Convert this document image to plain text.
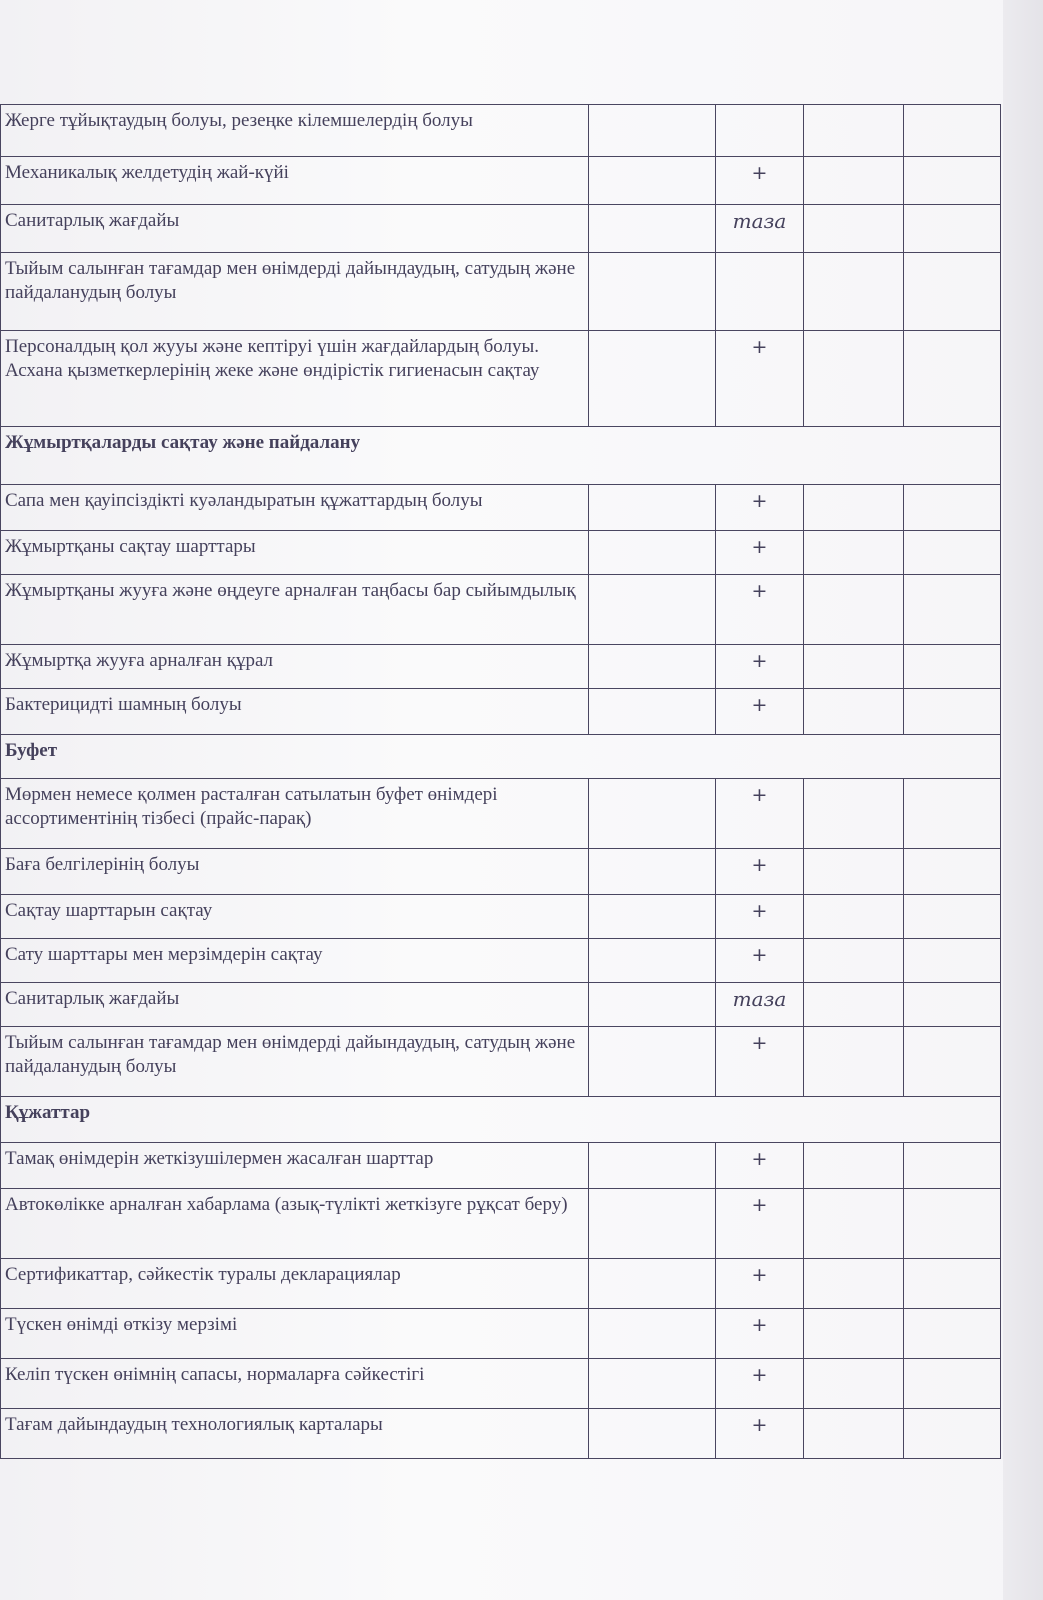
Жерге тұйықтаудың болуы, резеңке кілемшелердің болуы				
Механикалық желдетудің жай-күйі		+		
Санитарлық жағдайы		таза		
Тыйым салынған тағамдар мен өнімдерді дайындаудың, сатудың және пайдаланудың болуы				
Персоналдың қол жууы және кептіруі үшін жағдайлардың болуы. Асхана қызметкерлерінің жеке және өндірістік гигиенасын сақтау		+		
Жұмыртқаларды сақтау және пайдалану				
Сапа мен қауіпсіздікті куәландыратын құжаттардың болуы		+		
Жұмыртқаны сақтау шарттары		+		
Жұмыртқаны жууға және өңдеуге арналған таңбасы бар сыйымдылық		+		
Жұмыртқа жууға арналған құрал		+		
Бактерицидті шамның болуы		+		
Буфет				
Мөрмен немесе қолмен расталған сатылатын буфет өнімдері ассортиментінің тізбесі (прайс-парақ)		+		
Баға белгілерінің болуы		+		
Сақтау шарттарын сақтау		+		
Сату шарттары мен мерзімдерін сақтау		+		
Санитарлық жағдайы		таза		
Тыйым салынған тағамдар мен өнімдерді дайындаудың, сатудың және пайдаланудың болуы		+		
Құжаттар				
Тамақ өнімдерін жеткізушілермен жасалған шарттар		+		
Автокөлікке арналған хабарлама (азық-түлікті жеткізуге рұқсат беру)		+		
Сертификаттар, сәйкестік туралы декларациялар		+		
Түскен өнімді өткізу мерзімі		+		
Келіп түскен өнімнің сапасы, нормаларға сәйкестігі		+		
Тағам дайындаудың технологиялық карталары		+		
